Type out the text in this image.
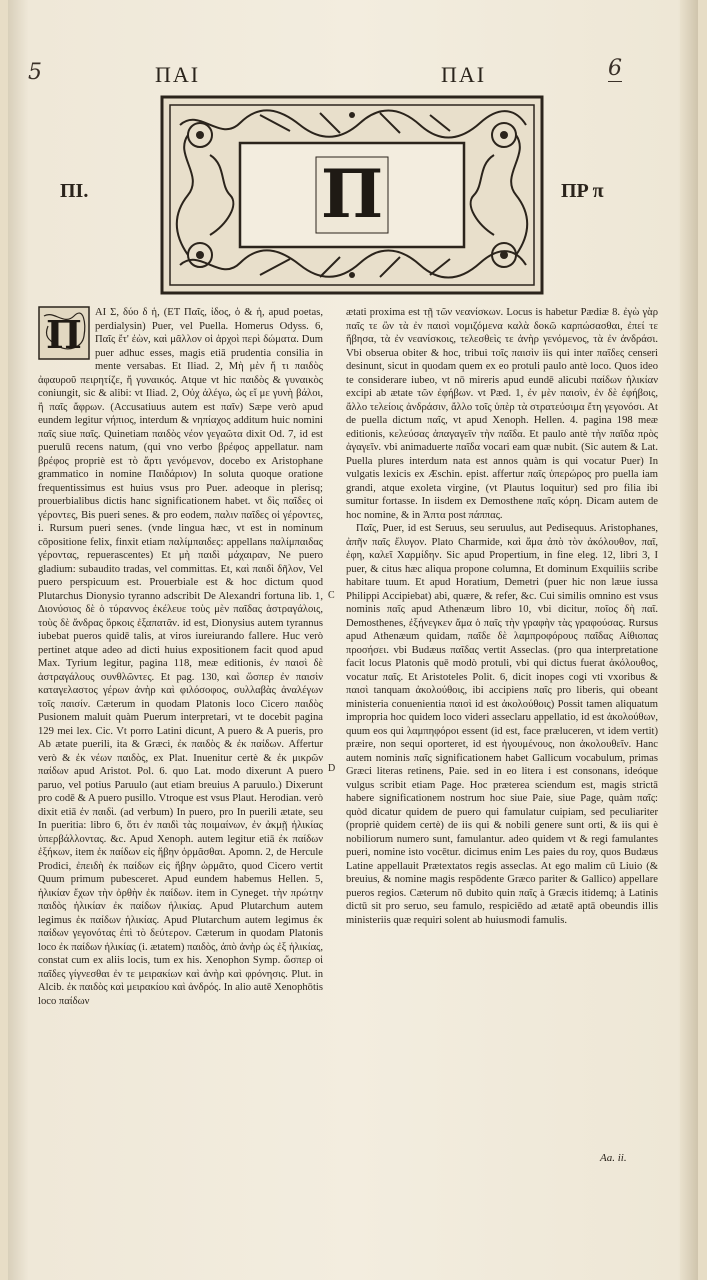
5	6
ΠΑΙ	ΠΑΙ
ΠΙ.	ΠΡ π
Π
Π	ΑΙ Σ, δύο δ ἡ, (ΕΤ Παῖς, ἰδος, ὁ & ἡ, apud poetas, perdialysin) Puer, vel Puella. Homerus Odyss. 6, Παῖς ἔτ' ἐὼν, καὶ μᾶλλον οἱ ἀρχοὶ περὶ δώματα. Dum puer adhuc esses, magis etiā prudentia consilia in mente versabas. Et Iliad. 2, Μὴ μὲν ἤ τι παιδὸς ἀφαυροῦ πειρητίζε, ἤ γυναικός. Atque vt hic παιδὸς & γυναικὸς coniungit, sic & alibi: vt Iliad. 2, Οὐχ ἀλέγω, ὡς εἴ με γυνὴ βάλοι, ἢ παῖς ἄφρων. (Accusatiuus autem est παῖν) Sæpe verò apud eundem legitur νήπιος, interdum & νηπίαχος additum huic nomini παῖς siue παῖς. Quinetiam παιδὸς νέον γεγαῶτα dixit Od. 7, id est puerulū recens natum, (qui vno verbo βρέφος appellatur. nam βρέφος propriè est τὸ ἄρτι γενόμενον, docebo ex Aristophane grammatico in nomine Παιδάριον) In soluta quoque oratione frequentissimus est huius vsus pro Puer. adeoque in plerisq; prouerbialibus dictis hanc significationem habet. vt δὶς παῖδες οἱ γέροντες, Bis pueri senes. & pro eodem, παλιν παῖδες οἱ γέροντες, i. Rursum pueri senes. (vnde lingua hæc, vt est in nominum cōpositione felix, finxit etiam παλίμπαιδες: appellans παλίμπαιδας γέροντας, repuerascentes) Et μὴ παιδὶ μάχαιραν, Ne puero gladium: subaudito tradas, vel committas. Et, καὶ παιδὶ δῆλον, Vel puero perspicuum est. Prouerbiale est & hoc dictum quod Plutarchus Dionysio tyranno adscribit De Alexandri fortuna lib. 1, Διονύσιος δὲ ὁ τύραννος ἐκέλευε τοὺς μὲν παῖδας ἀστραγάλοις, τοὺς δὲ ἄνδρας ὅρκοις ἐξαπατᾶν. id est, Dionysius autem tyrannus iubebat pueros quidē talis, at viros iureiurando fallere. Huc verò pertinet atque adeo ad dicti huius expositionem facit quod apud Max. Tyrium legitur, pagina 118, meæ editionis, ἐν παισὶ δὲ ἀστραγάλους συνθλῶντες. Et pag. 130, καὶ ὥσπερ ἐν παισὶν καταγελαστος γέρων ἀνὴρ καὶ φιλόσοφος, συλλαβὰς ἀναλέγων τοῖς παισίν. Cæterum in quodam Platonis loco Cicero παιδὸς Pusionem maluit quàm Puerum interpretari, vt te docebit pagina 129 mei lex. Cic. Vt porro Latini dicunt, A puero & A pueris, pro Ab ætate puerili, ita & Græci, ἐκ παιδὸς & ἐκ παίδων. Affertur verò & ἐκ νέων παιδὸς, ex Plat. Inuenitur certè & ἐκ μικρῶν παίδων apud Aristot. Pol. 6. quo Lat. modo dixerunt A puero paruo, vel potius Paruulo (aut etiam breuius A paruulo.) Dixerunt pro codē & A puero pusillo. Vtroque est vsus Plaut. Herodian. verò dixit etiā ἐν παιδὶ. (ad verbum) In puero, pro In puerili ætate, seu In pueritia: libro 6, ὅτι ἐν παιδὶ τὰς ποιμαίνων, ἐν ἀκμῇ ἡλικίας ὑπερβάλλοντας. &c. Apud Xenoph. autem legitur etiā ἐκ παίδων ἐξήκων, item ἐκ παίδων εἰς ἥβην ὁρμᾶσθαι. Apomn. 2, de Hercule Prodici, ἐπειδὴ ἐκ παίδων εἰς ἥβην ὡρμᾶτο, quod Cicero vertit Quum primum pubesceret. Apud eundem habemus Hellen. 5, ἡλικίαν ἔχων τὴν ὀρθὴν ἐκ παίδων. item in Cyneget. τὴν πρώτην παιδὸς ἡλικίαν ἐκ παίδων ἡλικίας. Apud Plutarchum autem legimus ἐκ παίδων ἡλικίας. Apud Plutarchum autem legimus ἐκ παίδων γεγονότας ἐπὶ τὸ δεύτερον. Cæterum in quodam Platonis loco ἐκ παίδων ἡλικίας (i. ætatem) παιδὸς, ἀπὸ ἀνὴρ ὡς ἐξ ἡλικίας, constat cum ex aliis locis, tum ex his. Xenophon Symp. ὥσπερ οἱ παῖδες γίγνεσθαι ἐν τε μειρακίων καὶ ἀνὴρ καὶ φρόνησις. Plut. in Alcib. ἐκ παιδὸς καὶ μειρακίου καὶ ἀνδρός. In alio autē Xenophōtis loco παίδων

C
D

ætati proxima est τῇ τῶν νεανίσκων. Locus is habetur Pædiæ 8. ἐγὼ γὰρ παῖς τε ὢν τὰ ἐν παισὶ νομιζόμενα καλὰ δοκῶ καρπώσασθαι, ἐπεί τε ἥβησα, τὰ ἐν νεανίσκοις, τελεσθεὶς τε ἀνὴρ γενόμενος, τὰ ἐν ἀνδράσι. Vbi obserua obiter & hoc, tribui τοῖς παισὶν iis qui inter παῖδες censeri desinunt, sicut in quodam quem ex eo protuli paulo antè loco. Quos ideo te considerare iubeo, vt nō mireris apud eundē alicubi παίδων ἡλικίαν excipi ab ætate τῶν ἐφήβων. vt Pæd. 1, ἐν μὲν παισὶν, ἐν δὲ ἐφήβοις, ἄλλο τελείοις ἀνδράσιν, ἄλλο τοῖς ὑπὲρ τὰ στρατεύσιμα ἔτη γεγονόσι. At de puella dictum παῖς, vt apud Xenoph. Hellen. 4. pagina 198 meæ editionis, κελεύσας ἀπαγαγεῖν τὴν παῖδα. Et paulo antè τὴν παῖδα πρὸς ἀγαγεῖν. vbi animaduerte παῖδα vocari eam quæ nubit. (Sic autem & Lat. Puella plures interdum nata est annos quàm is qui vocatur Puer) In vulgatis lexicis ex Æschin. epist. affertur παῖς ὑπερώρος pro puella iam grandi, atque exoleta virgine, (vt Plautus loquitur) sed pro filia ibi sumitur fortasse. In iisdem ex Demosthene παῖς κόρη. Dicam autem de hoc nomine, & in Ἀπτα post πάππας.

Παῖς, Puer, id est Seruus, seu seruulus, aut Pedisequus. Aristophanes, ἀπῆν παῖς ἔλυγον. Plato Charmide, καὶ ἄμα ἀπὸ τὸν ἀκόλουθον, παῖ, ἐφη, καλεῖ Χαρμίδην. Sic apud Propertium, in fine eleg. 12, libri 3, I puer, & citus hæc aliqua propone columna, Et dominum Exquiliis scribe habitare tuum. Et apud Horatium, Demetri (puer hic non læue iussa Philippi Accipiebat) abi, quære, & refer, &c. Cui similis omnino est vsus nominis παῖς apud Athenæum libro 10, vbi dicitur, ποῖος δὴ παῖ. Demosthenes, ἐξήνεγκεν ἄμα ὁ παῖς τὴν γραφὴν τὰς γραφούσας. Rursus apud Athenæum quidam, παῖδε δὲ λαμπροφόρους παῖδας Αἰθιοπας προσήσει. vbi Budæus παῖδας vertit Asseclas. (pro qua interpretatione facit locus Platonis quē modò protuli, vbi qui dictus fuerat ἀκόλουθος, vocatur παῖς. Et Aristoteles Polit. 6, dicit inopes cogi vti vxoribus & παισὶ tanquam ἀκολούθοις, ibi accipiens παῖς pro liberis, qui obeant ministeria conuenientia παισὶ id est ἀκολούθοις) Possit tamen aliquatum impropria hoc quidem loco videri asseclaru appellatio, id est ἀκολούθων, quum eos qui λαμπηφόροι essent (id est, face præluceren, vt idem vertit) præire, non sequi oporteret, id est ἡγουμένους, non ἀκολουθεῖν. Hanc autem nominis παῖς significationem habet Gallicum vocabulum, primas Græci literas retinens, Paie. sed in eo litera i est consonans, ideóque vulgus scribit etiam Page. Hoc præterea sciendum est, magis strictā habere significationem nostrum hoc siue Paie, siue Page, quàm παῖς: quòd dicatur quidem de puero qui famulatur cuipiam, sed peculiariter (propriè quidem certè) de iis qui & nobili genere sunt orti, & iis qui è nobiliorum numero sunt, famulantur. adeo quidem vt & regi famulantes pueri, nomine isto vocētur. dicimus enim Les paies du roy, quos Budæus Latine appellauit Prætextatos regis asseclas. At ego malim cū Liuio (& breuius, & nomine magis respōdente Græco pariter & Gallico) appellare pueros regios. Cæterum nō dubito quin παῖς à Græcis itidemq; à Latinis dictū sit pro seruo, seu famulo, respiciēdo ad ætatē aptā obeundis illis ministeriis quæ requiri solent ab huiusmodi famulis.

Aa. ii.
